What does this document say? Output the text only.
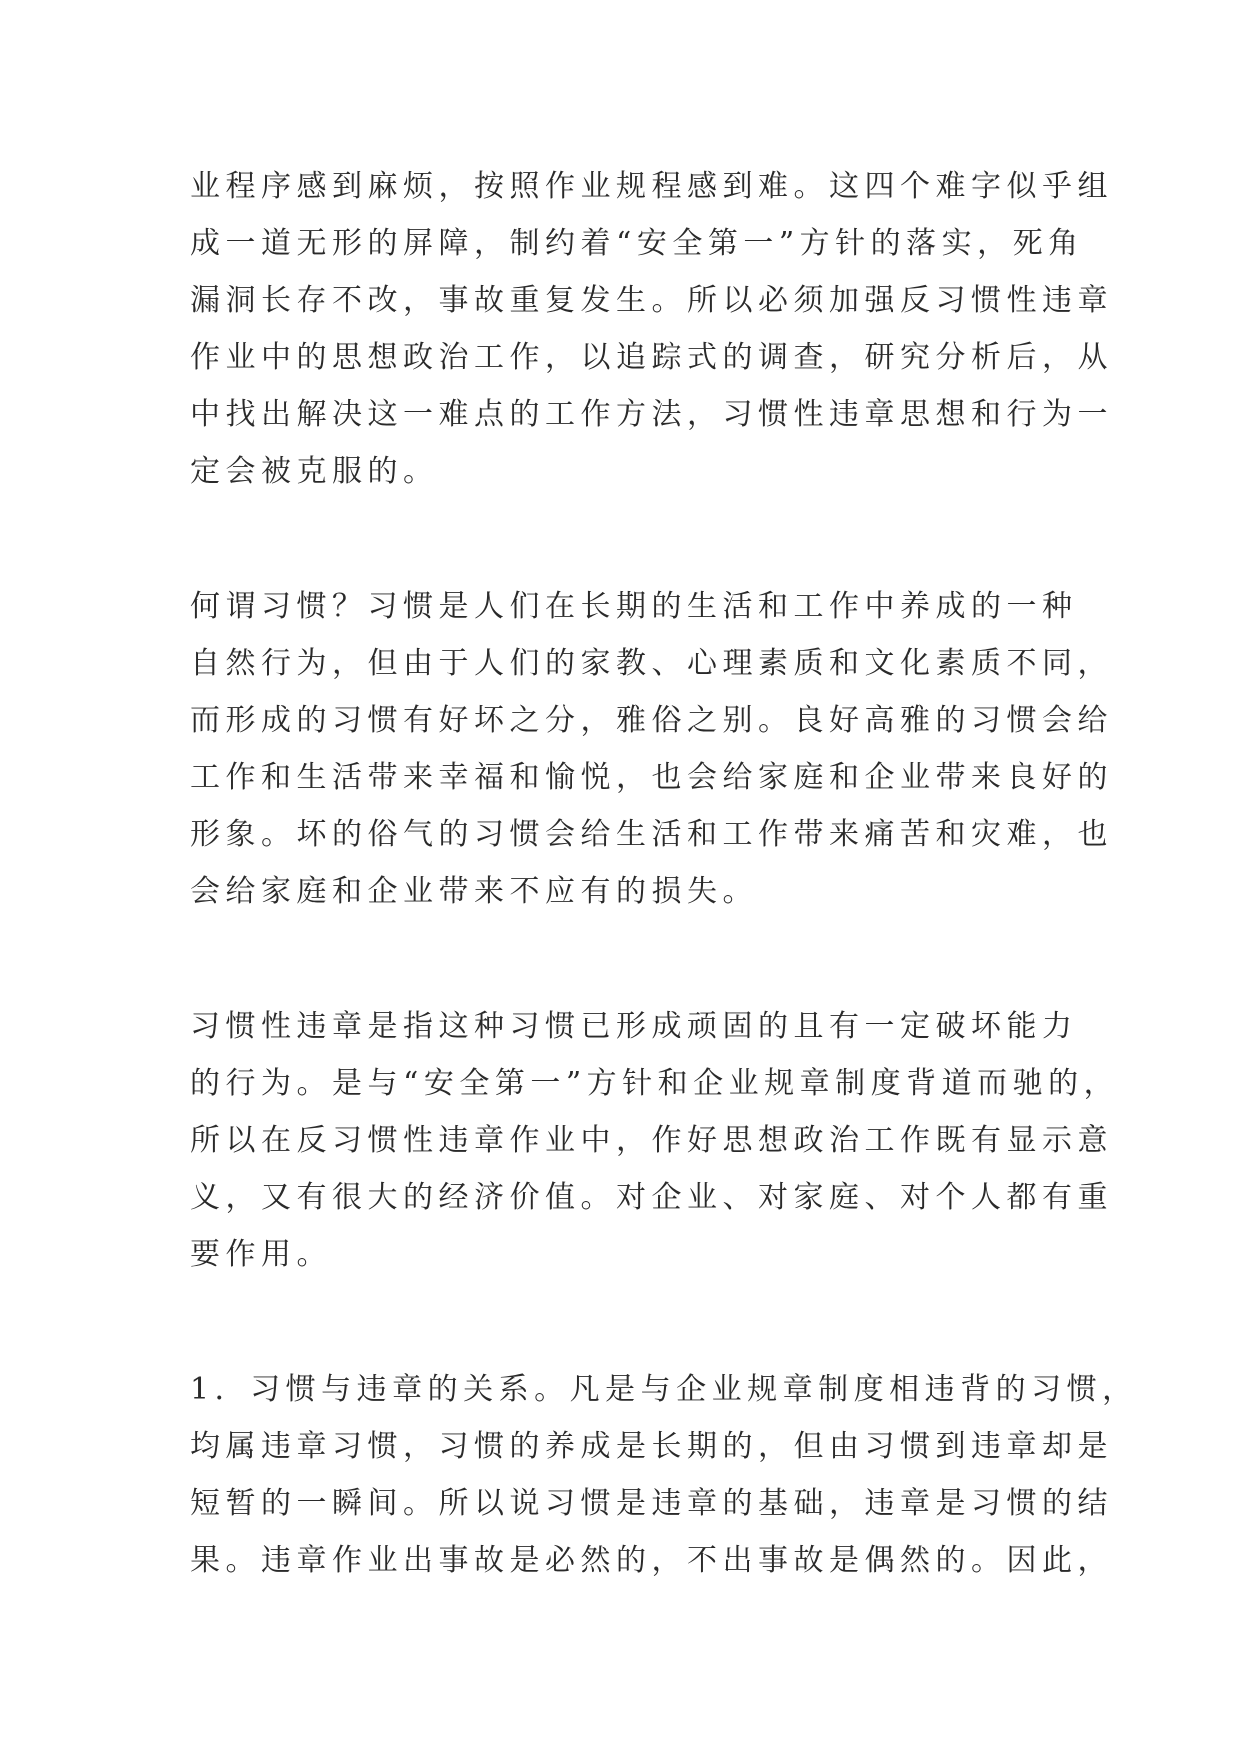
业程序感到麻烦，按照作业规程感到难。这四个难字似乎组
成一道无形的屏障，制约着“安全第一”方针的落实，死角
漏洞长存不改，事故重复发生。所以必须加强反习惯性违章
作业中的思想政治工作，以追踪式的调查，研究分析后，从
中找出解决这一难点的工作方法，习惯性违章思想和行为一
定会被克服的。
何谓习惯？习惯是人们在长期的生活和工作中养成的一种
自然行为，但由于人们的家教、心理素质和文化素质不同，
而形成的习惯有好坏之分，雅俗之别。良好高雅的习惯会给
工作和生活带来幸福和愉悦，也会给家庭和企业带来良好的
形象。坏的俗气的习惯会给生活和工作带来痛苦和灾难，也
会给家庭和企业带来不应有的损失。
习惯性违章是指这种习惯已形成顽固的且有一定破坏能力
的行为。是与“安全第一”方针和企业规章制度背道而驰的，
所以在反习惯性违章作业中，作好思想政治工作既有显示意
义，又有很大的经济价值。对企业、对家庭、对个人都有重
要作用。
1．习惯与违章的关系。凡是与企业规章制度相违背的习惯，
均属违章习惯，习惯的养成是长期的，但由习惯到违章却是
短暂的一瞬间。所以说习惯是违章的基础，违章是习惯的结
果。违章作业出事故是必然的，不出事故是偶然的。因此，
